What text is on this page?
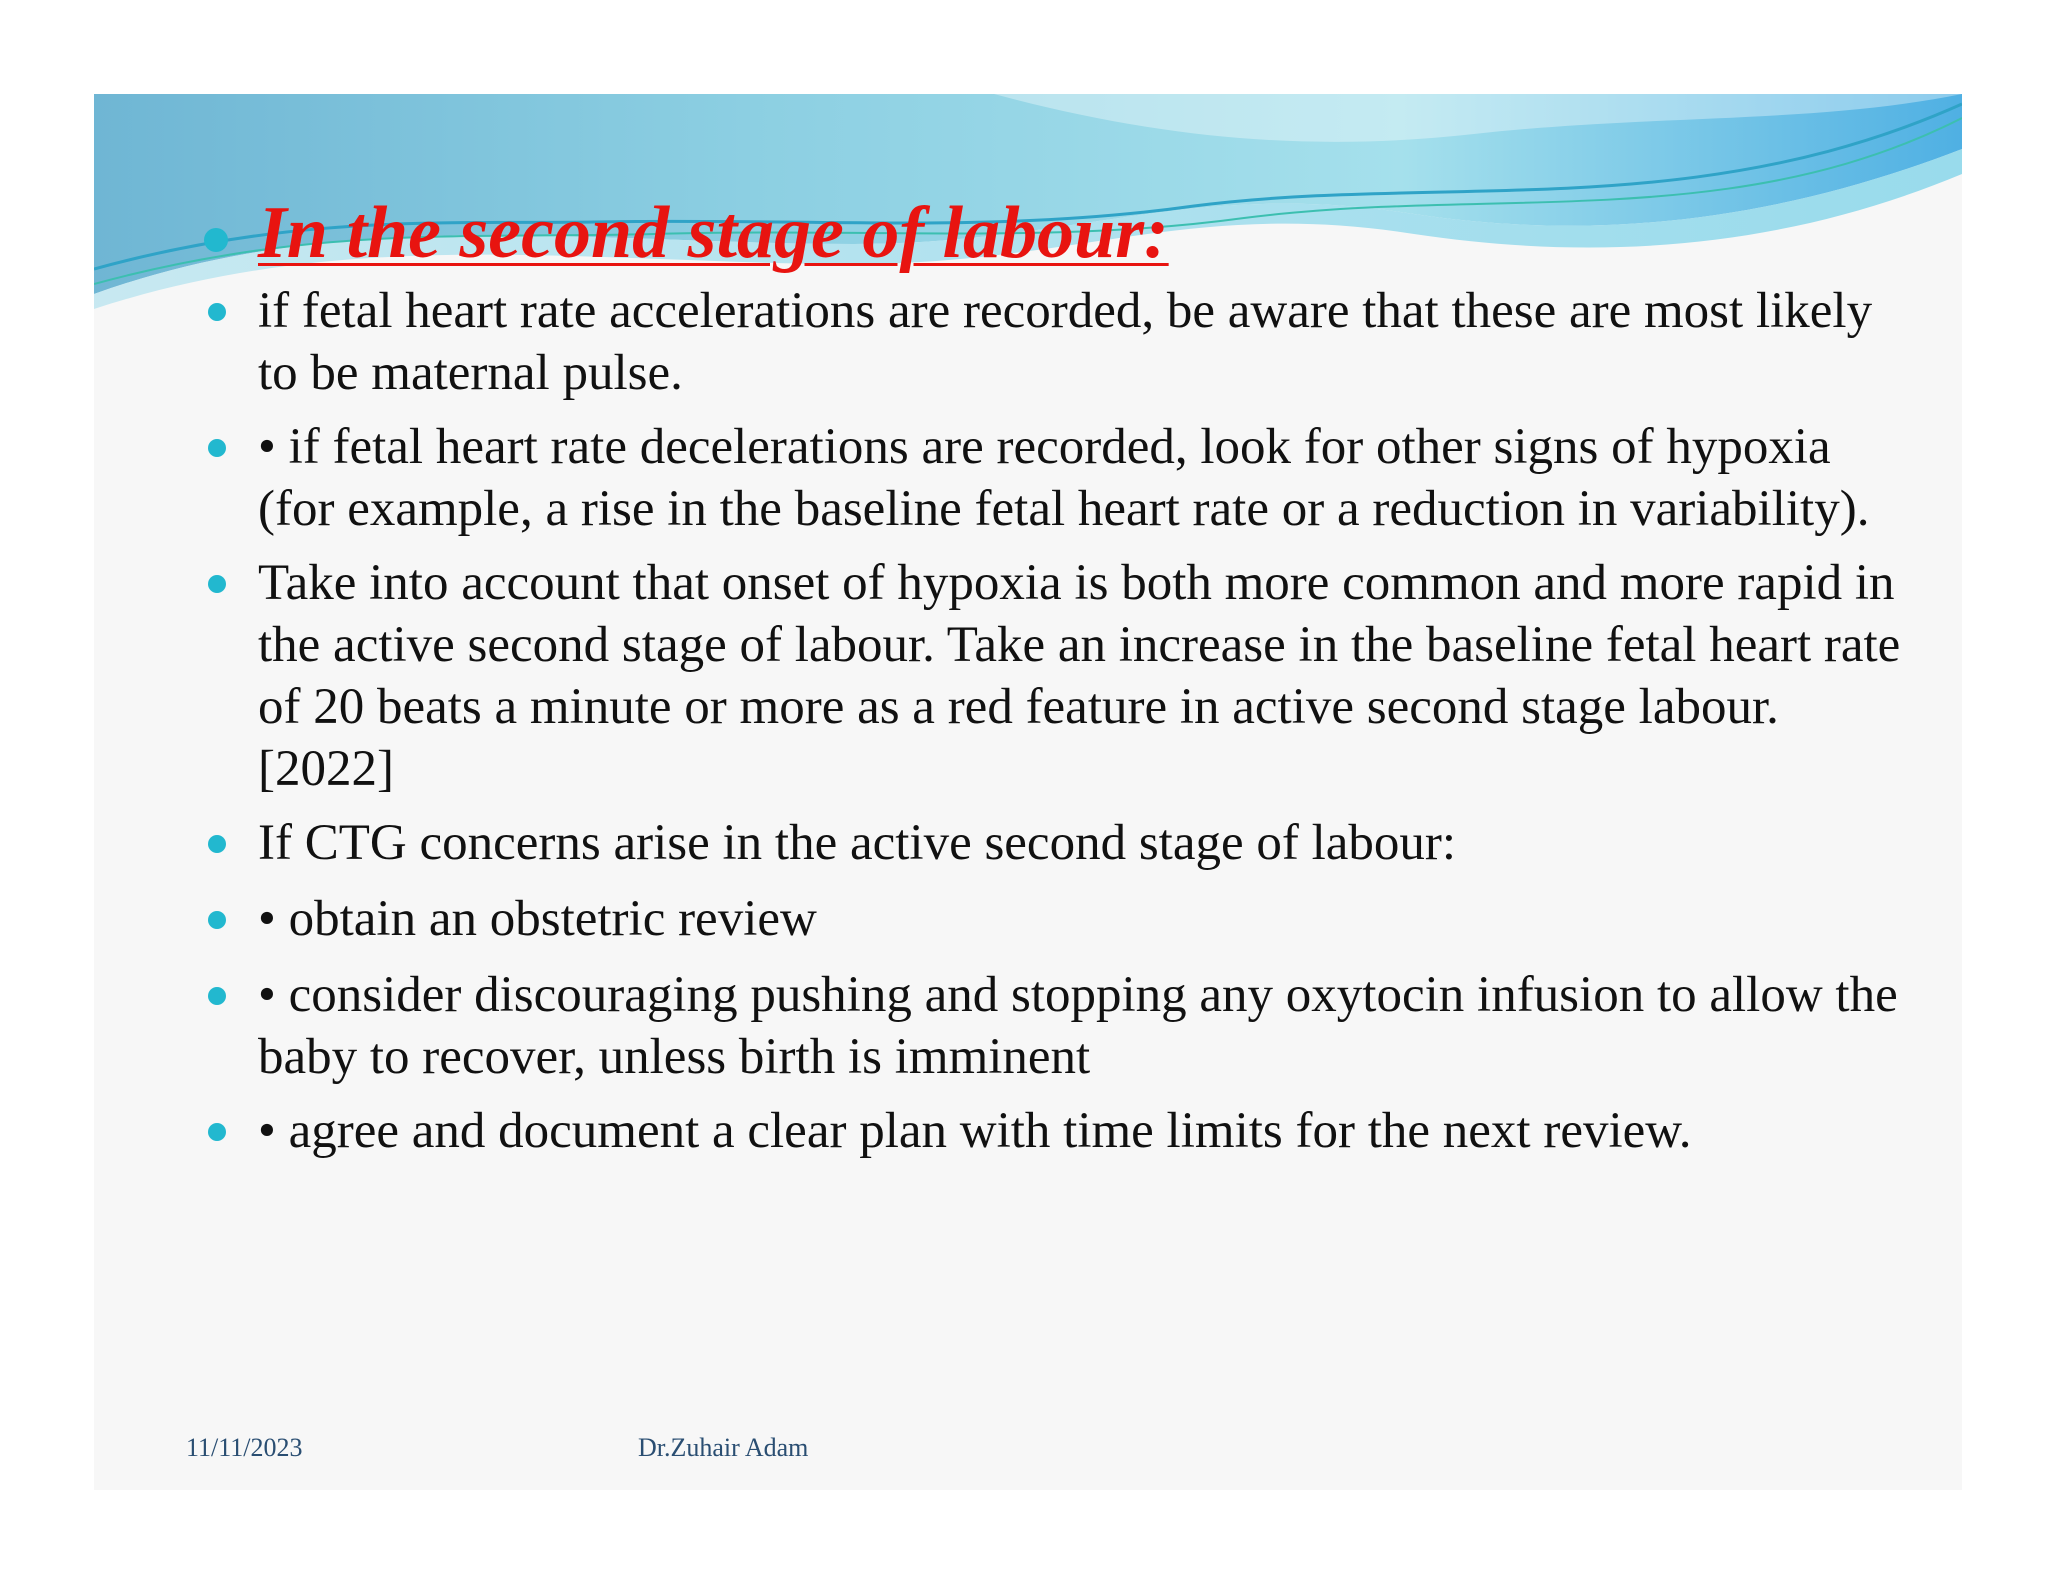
In the second stage of labour:
if fetal heart rate accelerations are recorded, be aware that these are most likely to be maternal pulse.
• if fetal heart rate decelerations are recorded, look for other signs of hypoxia (for example, a rise in the baseline fetal heart rate or a reduction in variability).
Take into account that onset of hypoxia is both more common and more rapid in the active second stage of labour. Take an increase in the baseline fetal heart rate of 20 beats a minute or more as a red feature in active second stage labour. [2022]
If CTG concerns arise in the active second stage of labour:
• obtain an obstetric review
• consider discouraging pushing and stopping any oxytocin infusion to allow the baby to recover, unless birth is imminent
• agree and document a clear plan with time limits for the next review.
11/11/2023	Dr.Zuhair Adam
